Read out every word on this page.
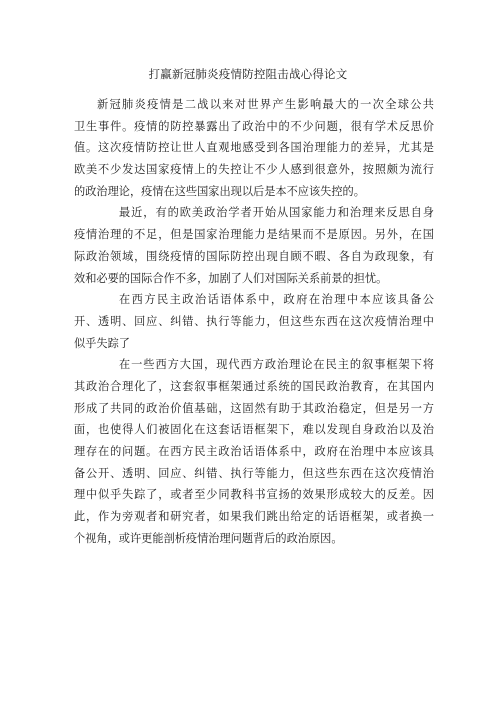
打赢新冠肺炎疫情防控阻击战心得论文
新冠肺炎疫情是二战以来对世界产生影响最大的一次全球公共
卫生事件。疫情的防控暴露出了政治中的不少问题，很有学术反思价
值。这次疫情防控让世人直观地感受到各国治理能力的差异，尤其是
欧美不少发达国家疫情上的失控让不少人感到很意外，按照颇为流行
的政治理论，疫情在这些国家出现以后是本不应该失控的。
最近，有的欧美政治学者开始从国家能力和治理来反思自身
疫情治理的不足，但是国家治理能力是结果而不是原因。另外，在国
际政治领域，围绕疫情的国际防控出现自顾不暇、各自为政现象，有
效和必要的国际合作不多，加剧了人们对国际关系前景的担忧。
在西方民主政治话语体系中，政府在治理中本应该具备公
开、透明、回应、纠错、执行等能力，但这些东西在这次疫情治理中
似乎失踪了
在一些西方大国，现代西方政治理论在民主的叙事框架下将
其政治合理化了，这套叙事框架通过系统的国民政治教育，在其国内
形成了共同的政治价值基础，这固然有助于其政治稳定，但是另一方
面，也使得人们被固化在这套话语框架下，难以发现自身政治以及治
理存在的问题。在西方民主政治话语体系中，政府在治理中本应该具
备公开、透明、回应、纠错、执行等能力，但这些东西在这次疫情治
理中似乎失踪了，或者至少同教科书宣扬的效果形成较大的反差。因
此，作为旁观者和研究者，如果我们跳出给定的话语框架，或者换一
个视角，或许更能剖析疫情治理问题背后的政治原因。
